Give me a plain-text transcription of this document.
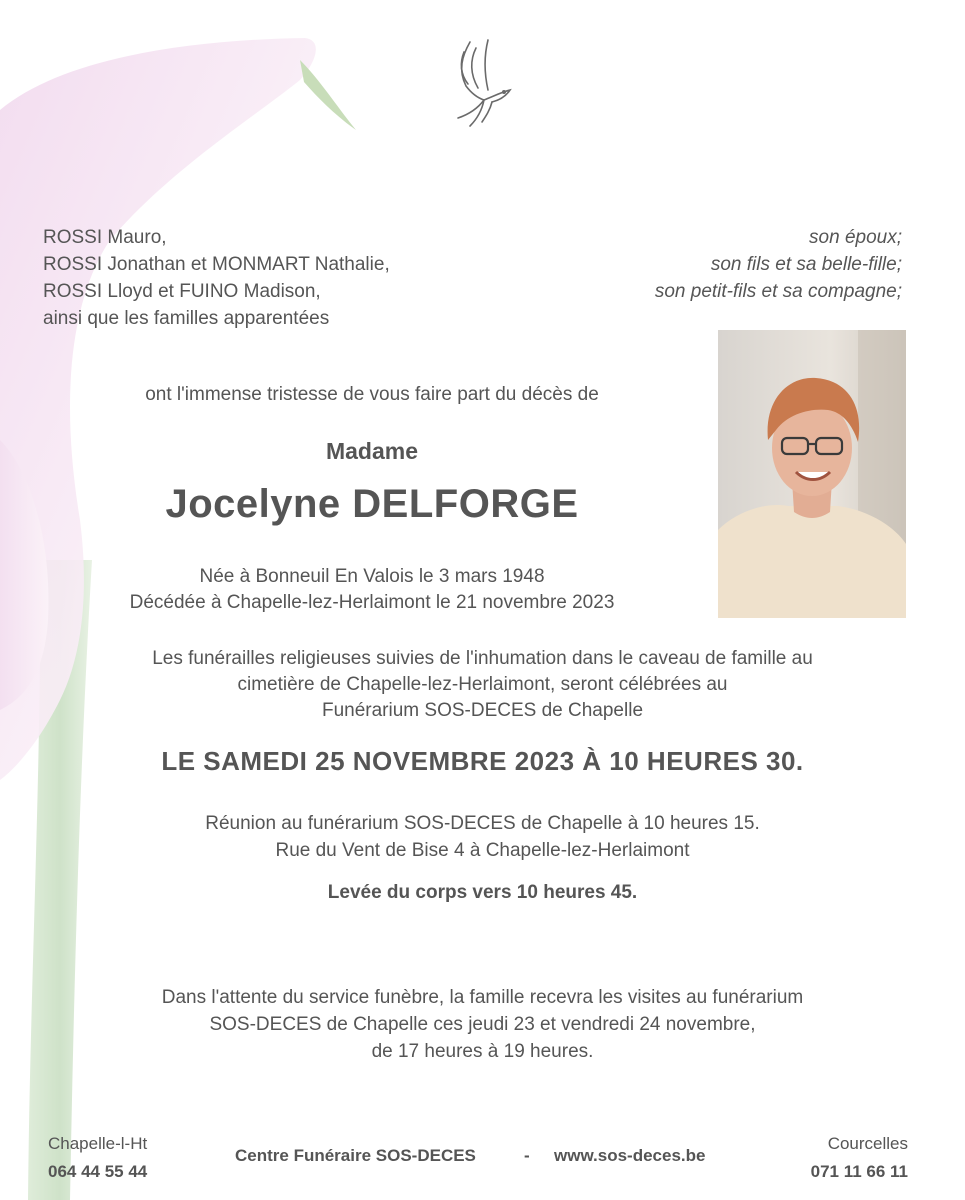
ROSSI Mauro,
ROSSI Jonathan et MONMART Nathalie,
ROSSI Lloyd et FUINO Madison,
ainsi que les familles apparentées
son époux;
son fils et sa belle-fille;
son petit-fils et sa compagne;
ont l'immense tristesse de vous faire part du décès de
Madame
Jocelyne DELFORGE
Née à Bonneuil En Valois le 3 mars 1948
Décédée à Chapelle-lez-Herlaimont le 21 novembre 2023
Les funérailles religieuses suivies de l'inhumation dans le caveau de famille au
cimetière de Chapelle-lez-Herlaimont, seront célébrées au
Funérarium SOS-DECES de Chapelle
LE SAMEDI 25 NOVEMBRE 2023 À 10 HEURES 30.
Réunion au funérarium SOS-DECES de Chapelle à 10 heures 15.
Rue du Vent de Bise 4 à Chapelle-lez-Herlaimont
Levée du corps vers 10 heures 45.
Dans l'attente du service funèbre, la famille recevra les visites au funérarium
SOS-DECES de Chapelle ces jeudi 23 et vendredi 24 novembre,
de 17 heures à 19 heures.
Chapelle-l-Ht
064 44 55 44
Centre Funéraire SOS-DECES	- www.sos-deces.be
Courcelles
071 11 66 11
